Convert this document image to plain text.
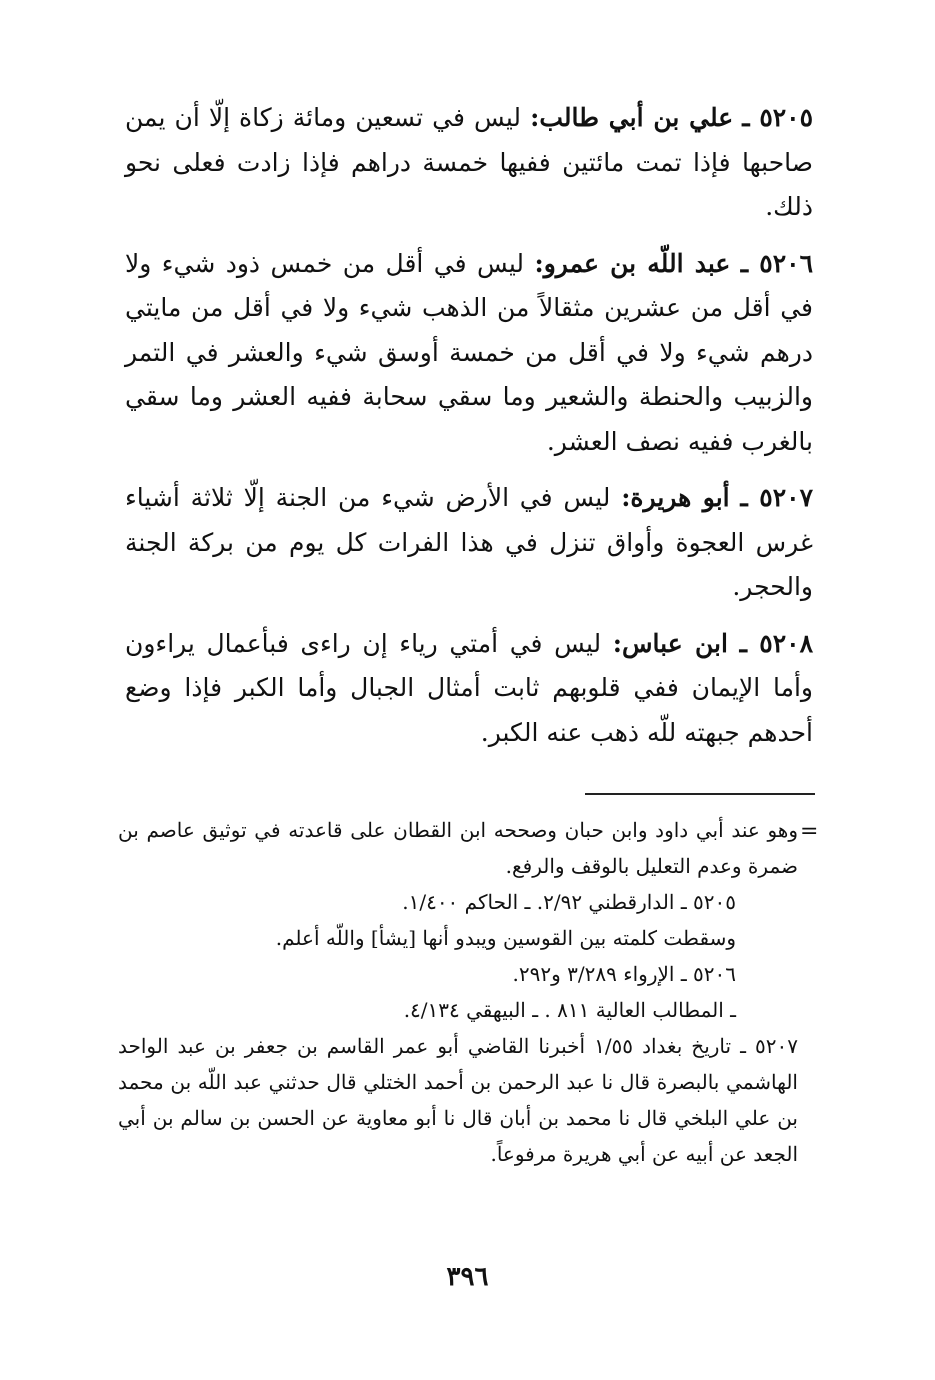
٥٢٠٥ ـ علي بن أبي طالب: ليس في تسعين ومائة زكاة إلّا أن يمن صاحبها فإذا تمت مائتين ففيها خمسة دراهم فإذا زادت فعلى نحو ذلك.

٥٢٠٦ ـ عبد اللّه بن عمرو: ليس في أقل من خمس ذود شيء ولا في أقل من عشرين مثقالاً من الذهب شيء ولا في أقل من مايتي درهم شيء ولا في أقل من خمسة أوسق شيء والعشر في التمر والزبيب والحنطة والشعير وما سقي سحابة ففيه العشر وما سقي بالغرب ففيه نصف العشر.

٥٢٠٧ ـ أبو هريرة: ليس في الأرض شيء من الجنة إلّا ثلاثة أشياء غرس العجوة وأواق تنزل في هذا الفرات كل يوم من بركة الجنة والحجر.

٥٢٠٨ ـ ابن عباس: ليس في أمتي رياء إن راءى فبأعمال يراءون وأما الإيمان ففي قلوبهم ثابت أمثال الجبال وأما الكبر فإذا وضع أحدهم جبهته للّه ذهب عنه الكبر.

=

وهو عند أبي داود وابن حبان وصححه ابن القطان على قاعدته في توثيق عاصم بن ضمرة وعدم التعليل بالوقف والرفع.

٥٢٠٥ ـ الدارقطني ٢/٩٢. ـ الحاكم ١/٤٠٠.

وسقطت كلمته بين القوسين ويبدو أنها [يشأ] واللّه أعلم.

٥٢٠٦ ـ الإرواء ٣/٢٨٩ و٢٩٢.

ـ المطالب العالية ٨١١ . ـ البيهقي ٤/١٣٤.

٥٢٠٧ ـ تاريخ بغداد ١/٥٥ أخبرنا القاضي أبو عمر القاسم بن جعفر بن عبد الواحد الهاشمي بالبصرة قال نا عبد الرحمن بن أحمد الختلي قال حدثني عبد اللّه بن محمد بن علي البلخي قال نا محمد بن أبان قال نا أبو معاوية عن الحسن بن سالم بن أبي الجعد عن أبيه عن أبي هريرة مرفوعاً.

٣٩٦
